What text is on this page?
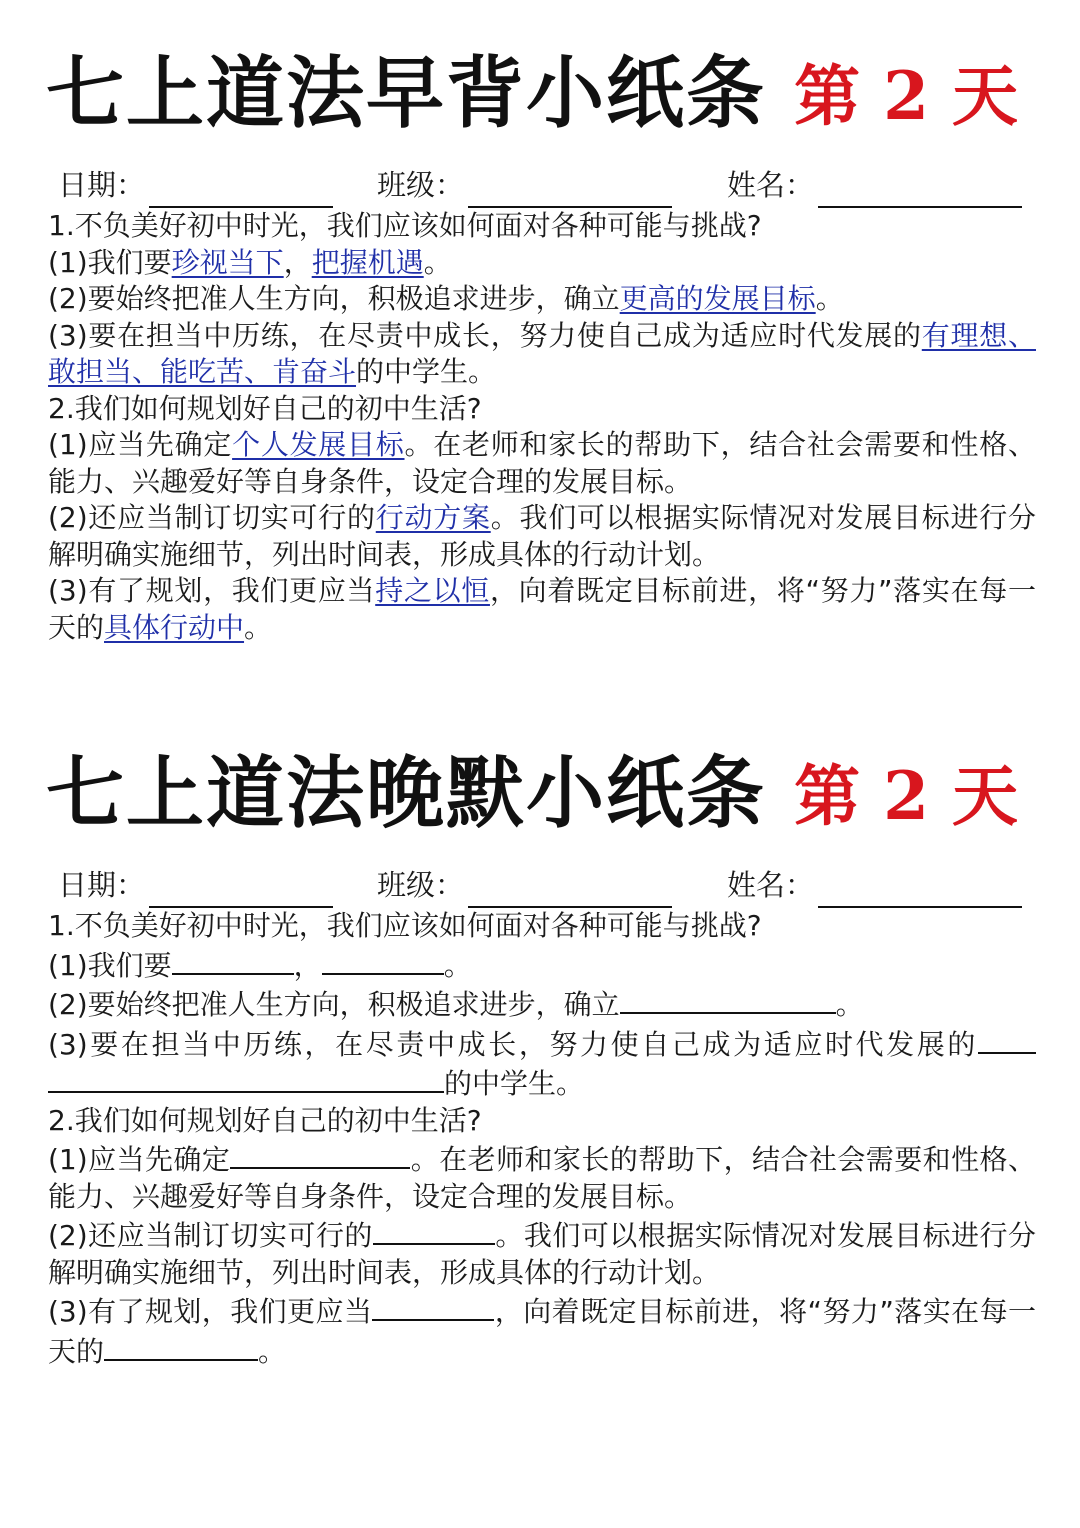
七上道法早背小纸条 第 2 天
日期：	班级：	姓名：

1.不负美好初中时光，我们应该如何面对各种可能与挑战?

(1)我们要珍视当下，把握机遇。

(2)要始终把准人生方向，积极追求进步，确立更高的发展目标。

(3)要在担当中历练，在尽责中成长，努力使自己成为适应时代发展的有理想、敢担当、能吃苦、肯奋斗的中学生。

2.我们如何规划好自己的初中生活?

(1)应当先确定个人发展目标。在老师和家长的帮助下，结合社会需要和性格、能力、兴趣爱好等自身条件，设定合理的发展目标。

(2)还应当制订切实可行的行动方案。我们可以根据实际情况对发展目标进行分解明确实施细节，列出时间表，形成具体的行动计划。

(3)有了规划，我们更应当持之以恒，向着既定目标前进，将“努力”落实在每一天的具体行动中。

七上道法晚默小纸条 第 2 天
日期：	班级：	姓名：

1.不负美好初中时光，我们应该如何面对各种可能与挑战?

(1)我们要	，	。

(2)要始终把准人生方向，积极追求进步，确立	。

(3)要在担当中历练，在尽责中成长，努力使自己成为适应时代发展的的中学生。

2.我们如何规划好自己的初中生活?

(1)应当先确定	。在老师和家长的帮助下，结合社会需要和性格、能力、兴趣爱好等自身条件，设定合理的发展目标。

(2)还应当制订切实可行的	。我们可以根据实际情况对发展目标进行分解明确实施细节，列出时间表，形成具体的行动计划。

(3)有了规划，我们更应当	，向着既定目标前进，将“努力”落实在每一天的	。
